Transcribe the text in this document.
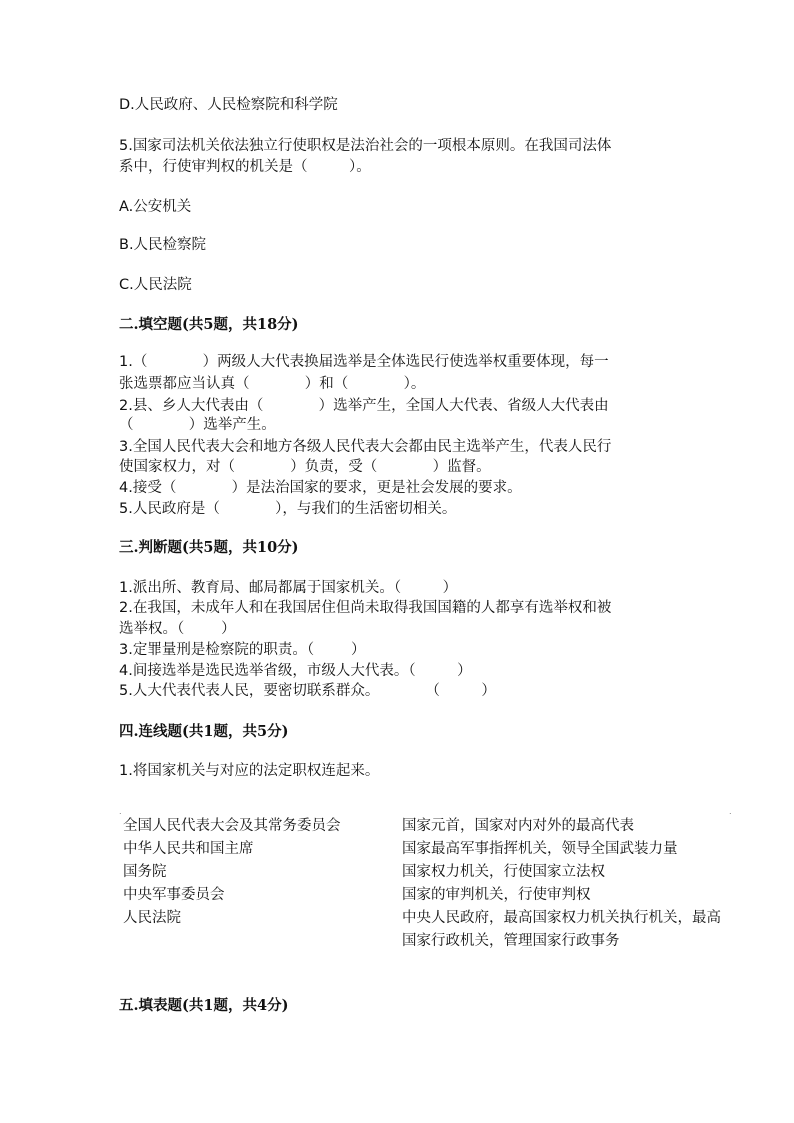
D.人民政府、人民检察院和科学院
5.国家司法机关依法独立行使职权是法治社会的一项根本原则。在我国司法体
系中，行使审判权的机关是（         ）。
A.公安机关
B.人民检察院
C.人民法院
二.填空题(共5题，共18分)
1.（            ）两级人大代表换届选举是全体选民行使选举权重要体现，每一
张选票都应当认真（            ）和（            ）。
2.县、乡人大代表由（            ）选举产生，全国人大代表、省级人大代表由
（            ）选举产生。
3.全国人民代表大会和地方各级人民代表大会都由民主选举产生，代表人民行
使国家权力，对（            ）负责，受（            ）监督。
4.接受（            ）是法治国家的要求，更是社会发展的要求。
5.人民政府是（            ），与我们的生活密切相关。
三.判断题(共5题，共10分)
1.派出所、教育局、邮局都属于国家机关。（         ）
2.在我国，未成年人和在我国居住但尚未取得我国国籍的人都享有选举权和被
选举权。（        ）
3.定罪量刑是检察院的职责。（        ）
4.间接选举是选民选举省级，市级人大代表。（         ）
5.人大代表代表人民，要密切联系群众。          （         ）
四.连线题(共1题，共5分)
1.将国家机关与对应的法定职权连起来。
.	.
全国人民代表大会及其常务委员会
中华人民共和国主席
国务院
中央军事委员会
人民法院
国家元首，国家对内对外的最高代表
国家最高军事指挥机关，领导全国武装力量
国家权力机关，行使国家立法权
国家的审判机关，行使审判权
中央人民政府，最高国家权力机关执行机关，最高
国家行政机关，管理国家行政事务
五.填表题(共1题，共4分)
